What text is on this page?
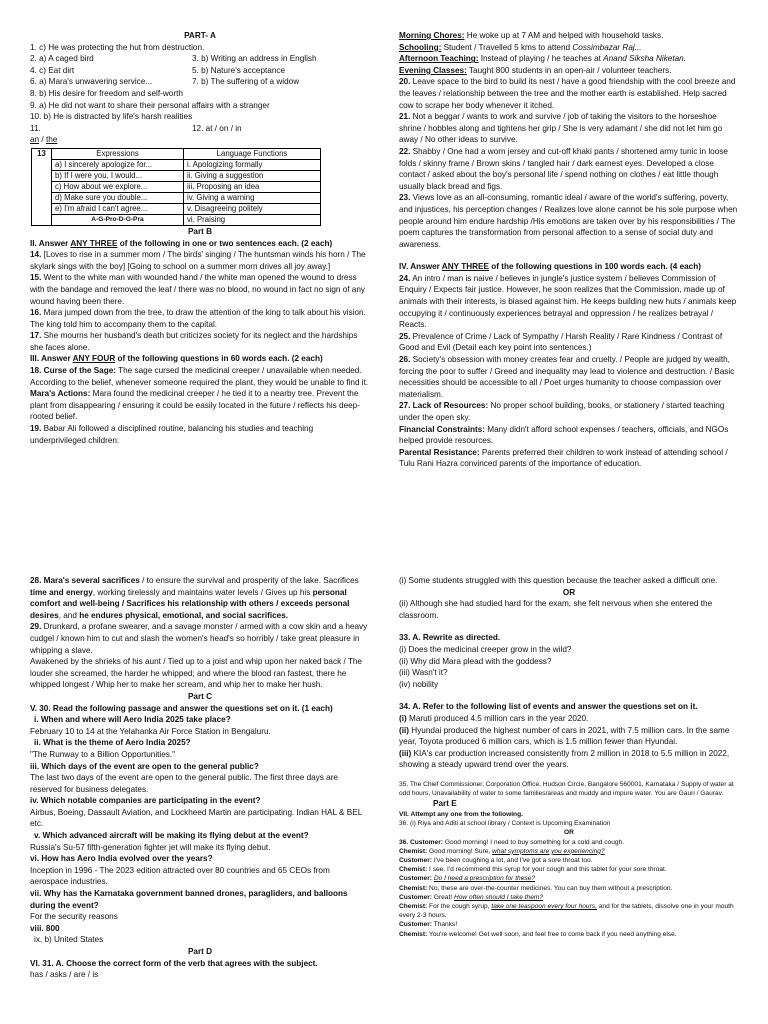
PART- A

1. c) He was protecting the hut from destruction.

2. a) A caged bird	3. b) Writing an address in English

4. c) Eat dirt	5. b) Nature's acceptance

6. a) Mara's unwavering service...	7. b) The suffering of a widow

8. b) His desire for freedom and self-worth

9. a) He did not want to share their personal affairs with a stranger

10. b) He is distracted by life's harsh realities

11.an / the
12. at / on / in

13	Expressions	Language Functions
	a) I sincerely apologize for...	i. Apologizing formally
	b) If I were you, I would...	ii. Giving a suggestion
	c) How about we explore...	iii. Proposing an idea
	d) Make sure you double...	iv. Giving a warning
	e) I'm afraid I can't agree...	v. Disagreeing politely
	A-G-Pro-D-G-Pra	vi. Praising

Part B

II. Answer ANY THREE of the following in one or two sentences each. (2 each)

14. [Loves to rise in a summer morn / The birds' singing / The huntsman winds his horn / The skylark sings with the boy] [Going to school on a summer morn drives all joy away.]

15. Went to the white man with wounded hand / the white man opened the wound to dress with the bandage and removed the leaf / there was no blood, no wound in fact no sign of any wound having been there.

16. Mara jumped down from the tree, to draw the attention of the king to talk about his vision. The king told him to accompany them to the capital.

17. She mourns her husband's death but criticizes society for its neglect and the hardships she faces alone.

III. Answer ANY FOUR of the following questions in 60 words each. (2 each)

18. Curse of the Sage: The sage cursed the medicinal creeper / unavailable when needed. According to the belief, whenever someone required the plant, they would be unable to find it.

Mara's Actions: Mara found the medicinal creeper / he tied it to a nearby tree. Prevent the plant from disappearing / ensuring it could be easily located in the future / reflects his deep-rooted belief.

19. Babar Ali followed a disciplined routine, balancing his studies and teaching underprivileged children:

Morning Chores: He woke up at 7 AM and helped with household tasks.

Schooling: Student / Travelled 5 kms to attend Cossimbazar Raj...

Afternoon Teaching: Instead of playing / he teaches at Anand Siksha Niketan.

Evening Classes: Taught 800 students in an open-air / volunteer teachers.

20. Leave space to the bird to build its nest / have a good friendship with the cool breeze and the leaves / relationship between the tree and the mother earth is established. Help sacred cow to scrape her body whenever it itched.

21. Not a beggar / wants to work and survive / job of taking the visitors to the horseshoe shrine / hobbles along and tightens her grip / She is very adamant / she did not let him go away / No other ideas to survive.

22. Shabby / One had a worn jersey and cut-off khaki pants / shortened army tunic in loose folds / skinny frame / Brown skins / tangled hair / dark earnest eyes. Developed a close contact / asked about the boy's personal life / spend nothing on clothes / eat little though usually black bread and figs.

23. Views love as an all-consuming, romantic ideal / aware of the world's suffering, poverty, and injustices, his perception changes / Realizes love alone cannot be his sole purpose when people around him endure hardship /His emotions are taken over by his responsibilities / The poem captures the transformation from personal affection to a sense of social duty and awareness.

IV. Answer ANY THREE of the following questions in 100 words each. (4 each)

24. An intro / man is naive / believes in jungle's justice system / believes Commission of Enquiry / Expects fair justice. However, he soon realizes that the Commission, made up of animals with their interests, is biased against him. He keeps building new huts / animals keep occupying it / continuously experiences betrayal and oppression / he realizes betrayal / Reacts.

25. Prevalence of Crime / Lack of Sympathy / Harsh Reality / Rare Kindness / Contrast of Good and Evil (Detail each key point into sentences.)

26. Society's obsession with money creates fear and cruelty. / People are judged by wealth, forcing the poor to suffer / Greed and inequality may lead to violence and destruction. / Basic necessities should be accessible to all / Poet urges humanity to choose compassion over materialism.

27. Lack of Resources: No proper school building, books, or stationery / started teaching under the open sky.

Financial Constraints: Many didn't afford school expenses / teachers, officials, and NGOs helped provide resources.

Parental Resistance: Parents preferred their children to work instead of attending school / Tulu Rani Hazra convinced parents of the importance of education.

28. Mara's several sacrifices / to ensure the survival and prosperity of the lake. Sacrifices time and energy, working tirelessly and maintains water levels / Gives up his personal comfort and well-being / Sacrifices his relationship with others / exceeds personal desires, and he endures physical, emotional, and social sacrifices.

29. Drunkard, a profane swearer, and a savage monster / armed with a cow skin and a heavy cudgel / known him to cut and slash the women's head's so horribly / take great pleasure in whipping a slave.

Awakened by the shrieks of his aunt / Tied up to a joist and whip upon her naked back / The louder she screamed, the harder he whipped; and where the blood ran fastest, there he whipped longest / Whip her to make her scream, and whip her to make her hush.

Part C

V. 30. Read the following passage and answer the questions set on it. (1 each)

i. When and where will Aero India 2025 take place?

February 10 to 14 at the Yelahanka Air Force Station in Bengaluru.

ii. What is the theme of Aero India 2025?

"The Runway to a Billion Opportunities."

iii. Which days of the event are open to the general public?

The last two days of the event are open to the general public. The first three days are reserved for business delegates.

iv. Which notable companies are participating in the event?

Airbus, Boeing, Dassault Aviation, and Lockheed Martin are participating. Indian HAL & BEL etc.

v. Which advanced aircraft will be making its flying debut at the event?

Russia's Su-57 fifth-generation fighter jet will make its flying debut.

vi. How has Aero India evolved over the years?

Inception in 1996 - The 2023 edition attracted over 80 countries and 65 CEOs from aerospace industries.

vii. Why has the Karnataka government banned drones, paragliders, and balloons during the event?

For the security reasons

viii. 800

ix. b) United States

Part D

VI. 31. A. Choose the correct form of the verb that agrees with the subject.

has / asks / are / is

(i) Some students struggled with this question because the teacher asked a difficult one.

OR

(ii) Although she had studied hard for the exam, she felt nervous when she entered the classroom.

33. A. Rewrite as directed.

(i) Does the medicinal creeper grow in the wild?

(ii) Why did Mara plead with the goddess?

(iii) Wasn't it?

(iv) nobility

34. A. Refer to the following list of events and answer the questions set on it.

(i) Maruti produced 4.5 million cars in the year 2020.

(ii) Hyundai produced the highest number of cars in 2021, with 7.5 million cars. In the same year, Toyota produced 6 million cars, which is 1.5 million fewer than Hyundai.

(iii) KIA's car production increased consistently from 2 million in 2018 to 5.5 million in 2022, showing a steady upward trend over the years.

35. The Chief Commissioner, Corporation Office, Hudson Circle, Bangalore 560001, Karnataka / Supply of water at odd hours, Unavailability of water to some families/areas and muddy and impure water. You are Gauri / Gaurav.

Part E

VII. Attempt any one from the following.

36. (i) Riya and Aditi at school library / Context is Upcoming Examination

OR

36. Customer: Good morning! I need to buy something for a cold and cough.

Chemist: Good morning! Sure, what symptoms are you experiencing?

Customer: I've been coughing a lot, and I've got a sore throat too.

Chemist: I see. I'd recommend this syrup for your cough and this tablet for your sore throat.

Customer: Do I need a prescription for these?

Chemist: No, these are over-the-counter medicines. You can buy them without a prescription.

Customer: Great! How often should I take them?

Chemist: For the cough syrup, take one teaspoon every four hours, and for the tablets, dissolve one in your mouth every 2-3 hours.

Customer: Thanks!

Chemist: You're welcome! Get well soon, and feel free to come back if you need anything else.
